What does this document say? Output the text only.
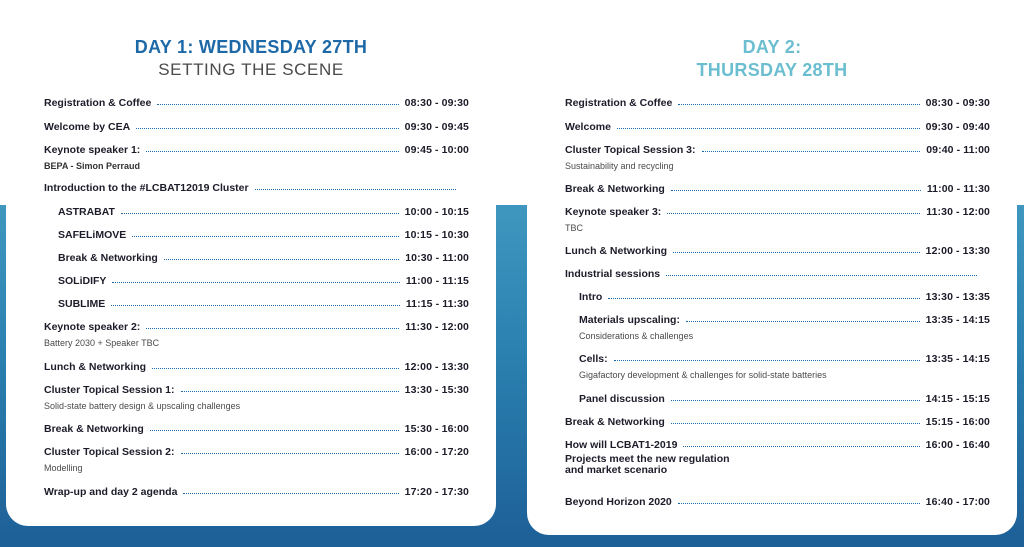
DAY 1: WEDNESDAY 27TH
SETTING THE SCENE
Registration & Coffee	08:30 - 09:30
Welcome by CEA	09:30 - 09:45
Keynote speaker 1:	09:45 - 10:00
BEPA - Simon Perraud
Introduction to the #LCBAT12019 Cluster
ASTRABAT	10:00 - 10:15
SAFELiMOVE	10:15 - 10:30
Break & Networking	10:30 - 11:00
SOLiDIFY	11:00 - 11:15
SUBLIME	11:15 - 11:30
Keynote speaker 2:	11:30 - 12:00
Battery 2030 + Speaker TBC
Lunch & Networking	12:00 - 13:30
Cluster Topical Session 1:	13:30 - 15:30
Solid-state battery design & upscaling challenges
Break & Networking	15:30 - 16:00
Cluster Topical Session 2:	16:00 - 17:20
Modelling
Wrap-up and day 2 agenda	17:20 - 17:30
DAY 2:
THURSDAY 28TH
Registration & Coffee	08:30 - 09:30
Welcome	09:30 - 09:40
Cluster Topical Session 3:	09:40 - 11:00
Sustainability and recycling
Break & Networking	11:00 - 11:30
Keynote speaker 3:	11:30 - 12:00
TBC
Lunch & Networking	12:00 - 13:30
Industrial sessions
Intro	13:30 - 13:35
Materials upscaling:	13:35 - 14:15
Considerations & challenges
Cells:	13:35 - 14:15
Gigafactory development & challenges for solid-state batteries
Panel discussion	14:15 - 15:15
Break & Networking	15:15 - 16:00
How will LCBAT1-2019	16:00 - 16:40
Projects meet the new regulation
and market scenario
Beyond Horizon 2020	16:40 - 17:00
